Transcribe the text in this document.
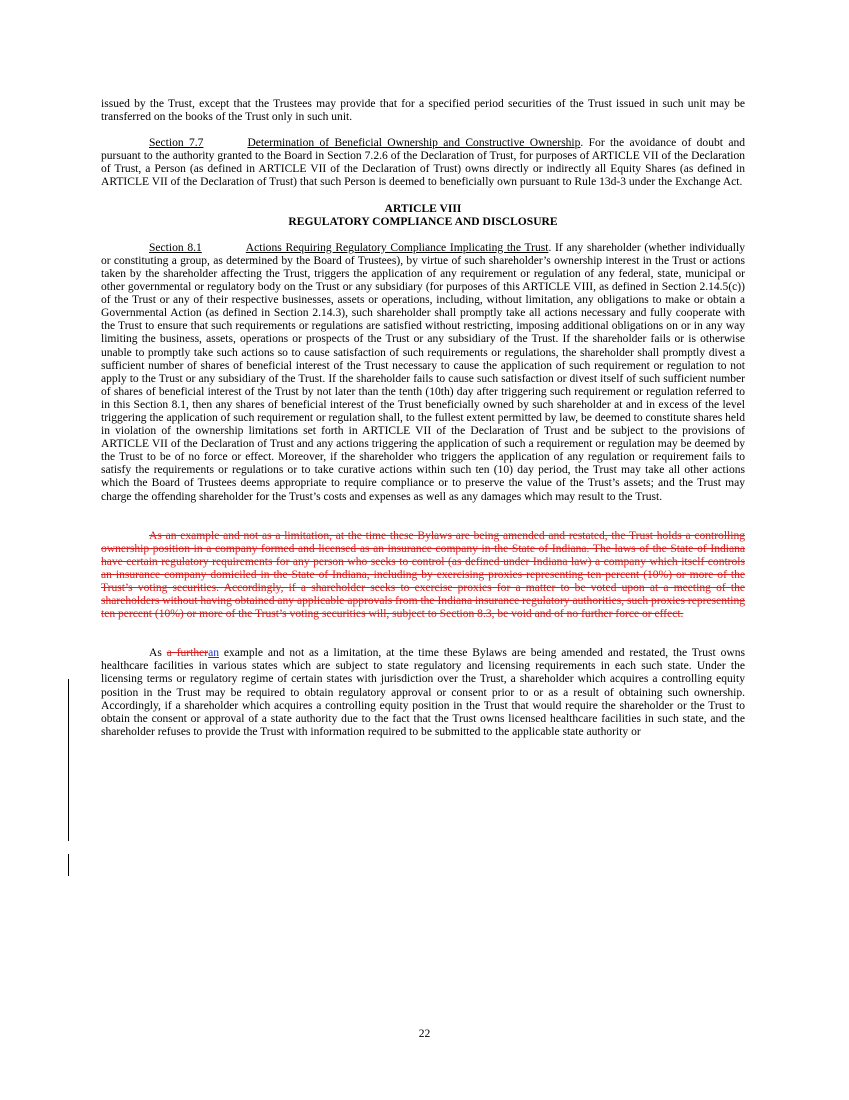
issued by the Trust, except that the Trustees may provide that for a specified period securities of the Trust issued in such unit may be transferred on the books of the Trust only in such unit.

Section 7.7	Determination of Beneficial Ownership and Constructive Ownership. For the avoidance of doubt and pursuant to the authority granted to the Board in Section 7.2.6 of the Declaration of Trust, for purposes of ARTICLE VII of the Declaration of Trust, a Person (as defined in ARTICLE VII of the Declaration of Trust) owns directly or indirectly all Equity Shares (as defined in ARTICLE VII of the Declaration of Trust) that such Person is deemed to beneficially own pursuant to Rule 13d-3 under the Exchange Act.

ARTICLE VIII
REGULATORY COMPLIANCE AND DISCLOSURE

Section 8.1	Actions Requiring Regulatory Compliance Implicating the Trust. If any shareholder (whether individually or constituting a group, as determined by the Board of Trustees), by virtue of such shareholder’s ownership interest in the Trust or actions taken by the shareholder affecting the Trust, triggers the application of any requirement or regulation of any federal, state, municipal or other governmental or regulatory body on the Trust or any subsidiary (for purposes of this ARTICLE VIII, as defined in Section 2.14.5(c)) of the Trust or any of their respective businesses, assets or operations, including, without limitation, any obligations to make or obtain a Governmental Action (as defined in Section 2.14.3), such shareholder shall promptly take all actions necessary and fully cooperate with the Trust to ensure that such requirements or regulations are satisfied without restricting, imposing additional obligations on or in any way limiting the business, assets, operations or prospects of the Trust or any subsidiary of the Trust. If the shareholder fails or is otherwise unable to promptly take such actions so to cause satisfaction of such requirements or regulations, the shareholder shall promptly divest a sufficient number of shares of beneficial interest of the Trust necessary to cause the application of such requirement or regulation to not apply to the Trust or any subsidiary of the Trust. If the shareholder fails to cause such satisfaction or divest itself of such sufficient number of shares of beneficial interest of the Trust by not later than the tenth (10th) day after triggering such requirement or regulation referred to in this Section 8.1, then any shares of beneficial interest of the Trust beneficially owned by such shareholder at and in excess of the level triggering the application of such requirement or regulation shall, to the fullest extent permitted by law, be deemed to constitute shares held in violation of the ownership limitations set forth in ARTICLE VII of the Declaration of Trust and be subject to the provisions of ARTICLE VII of the Declaration of Trust and any actions triggering the application of such a requirement or regulation may be deemed by the Trust to be of no force or effect. Moreover, if the shareholder who triggers the application of any regulation or requirement fails to satisfy the requirements or regulations or to take curative actions within such ten (10) day period, the Trust may take all other actions which the Board of Trustees deems appropriate to require compliance or to preserve the value of the Trust’s assets; and the Trust may charge the offending shareholder for the Trust’s costs and expenses as well as any damages which may result to the Trust.

As an example and not as a limitation, at the time these Bylaws are being amended and restated, the Trust holds a controlling ownership position in a company formed and licensed as an insurance company in the State of Indiana. The laws of the State of Indiana have certain regulatory requirements for any person who seeks to control (as defined under Indiana law) a company which itself controls an insurance company domiciled in the State of Indiana, including by exercising proxies representing ten percent (10%) or more of the Trust’s voting securities. Accordingly, if a shareholder seeks to exercise proxies for a matter to be voted upon at a meeting of the shareholders without having obtained any applicable approvals from the Indiana insurance regulatory authorities, such proxies representing ten percent (10%) or more of the Trust’s voting securities will, subject to Section 8.3, be void and of no further force or effect.

As a furtheran example and not as a limitation, at the time these Bylaws are being amended and restated, the Trust owns healthcare facilities in various states which are subject to state regulatory and licensing requirements in each such state. Under the licensing terms or regulatory regime of certain states with jurisdiction over the Trust, a shareholder which acquires a controlling equity position in the Trust may be required to obtain regulatory approval or consent prior to or as a result of obtaining such ownership. Accordingly, if a shareholder which acquires a controlling equity position in the Trust that would require the shareholder or the Trust to obtain the consent or approval of a state authority due to the fact that the Trust owns licensed healthcare facilities in such state, and the shareholder refuses to provide the Trust with information required to be submitted to the applicable state authority or

22
